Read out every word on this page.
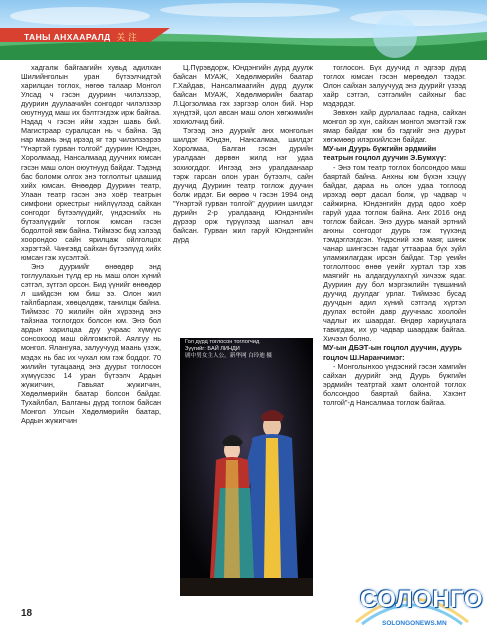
ТАНЫ АНХААРАЛД 关 注

хадгалж байгаагийн хувьд адилхан Шилийнголын уран бүтээлчидтэй харилцан тоглох, нөгөө талаар Монгол Улсад ч гэсэн дууриин чилэлзээр, дууриин дуулаачийн сонгодог чилэлзээр оюутнууд маш их бэлтгэгдэж ирж байгаа. Нэдад ч гэсэн ийм хэдэн шавь бий. Магистраар суралцсан нь ч байна. Эд нар маань энд ирээд яг тэр чилэлзээрээ "Үнэртэй гурван толгой" дууриин Юндэн, Хоролмаад, Нансалмаад дуучних юмсан гэсэн маш олон оюутнууд байдаг. Тэдэнд бас боломж олгох энэ тоглолтыг цаашид хийх юмсан. Өнөөдөр Дууриин театр, Улаан театр гэсэн энэ хоёр театрын симфони оркестрыг нийлүүлээд сайхан сонгодог бүтээлүүдийг, үндэснийх нь бүтээлүүдийг тоглож юмсан гэсэн бодолтой явж байна. Тиймээс бид хэлээд хоорондоо сайн ярилцаж ойлголцох хэрэгтэй. Чингэвд сайхан бүтээлүүд хийх юмсан гэж хүсэлтэй.

Энэ дууриийг өнөөдөр энд тоглуулахын түлд ер нь маш олон хүний сэтгэл, зүтгэл орсон. Бид үүнийг өнөөдөр л шийдсэн юм биш ээ. Олон жил тайлбарлаж, хөөцөлдөж, танилцж байна. Тиймээс 70 жилийн ойн хүрээнд энэ тайзнаа тоглогдох болсон юм. Энэ бол ардын харилцаа дуу учраас хүмүүс сонсохоод маш ойлгомжтой. Аялгуу нь монгол. Ялангуяа, залуучууд маань үзэж, мэдэх нь бас их чухал юм гэж боддог. 70 жилийн тугацаанд энэ дуурьт тоглосон хүмүүсээс 14 уран бүтээлч Ардын жүжигчин, Гавьяат жүжигчин, Хөдөлмөрийн баатар болсон байдаг. Тухайлбал, Балганы дүрд тоглож байсан Монгол Улсын Хөдөлмөрийн баатар, Ардын жүжигчин

Ц.Пүрэвдорж, Юндэнгийн дүрд дуулж байсан МУАЖ, Хөдөлмөрийн баатар Г.Хайдав, Нансалмаагийн дүрд дуулж байсан МУАЖ, Хөдөлмөрийн баатар Л.Цогзолмаа гэх зэргээр олон бий. Нэр хүндтэй, цол авсан маш олон хөгжимийн хохиолчид бий.

Тэгээд энэ дуурийг анх монголын шилдэг Юндэн, Нансалмаа, шилдэг Хоролмаа, Балган гэсэн дурийн уралдаан дөрвөн жилд нэг удаа зохиогддог. Ингээд энэ уралдаанаар тэрж гарсан олон уран бүтээлч, сайн дуучид Дууриин театр тоглож дуучин болж ирдэг. Би өөрөө ч гэсэн 1994 онд "Үнэртэй гурван толгой" дууриин шилдэг дурийн 2-р уралдаанд Юндэнгийн дүрээр орж түрүүлээд шагнал авч байсан. Гурван жил гаруй Юндэнгийн дүрд

Гол дүрд тоглосон тоглогчид
Зүүгийг: БАЙ ЛИНДИ
剧中男女主人公，新华网 白玲迪 摄

тоглосон. Бүх дуучид л эдгээр дүрд тоглох юмсан гэсэн мөрөөдөл тээдэг. Олон сайхан залуучууд энэ дуурийг үзээд хайр сэтгэл, сэтгэлийн сайхныг бас мэдэрдэг.

Зөвхөн хайр дурлалаас гадна, сайхан монгол эр хүн, сайхан монгол эмэгтэй гэж ямар байдаг юм бэ гэдгийг энэ дуурьт хөгжмөөр илэрхийлсэн байдаг.

МУ-ын Дуурь бүжгийн эрдмийн театрын гоцлол дуучин Э.Бумхүү:

- Энэ том театр тоглох болсондоо маш баяртай байна. Анхны юм бүхэн хэцүү байдаг, дараа нь олон удаа тоглоод ирэхэд өөрт дасал болж, үр чадвар ч сайжирна. Юндэнгийн дүрд одоо хоёр гаруй удаа тоглож байна. Анх 2016 онд тоглож байсан. Энэ дуурь манай эртний анхны сонгодог дуурь гэж түүхэнд тэмдэглэгдсэн. Үндэсний хэв маяг, шинж чанар шингэсэн гадаг уттаараа бүх зүйл уламжилагдаж ирсэн байдаг. Тэр үеийн тоглолтоос өнөө үеийг хуртал тэр хэв маягийг нь алдагдуулахгүй хичээж ядаг. Дууриин дуу бол мэргэжлийн түвшиний дуучид дуулдаг урлаг. Тиймээс бусад дуучдын адил хүний сэтгэлд хүртэл дуулах өстойн давр дуучнаас хоолойн чадлыг их шаардаг. Өндөр хариуцлага тавигдаж, их ур чадвар шаардаж байгаа. Хичээл болно.

МУ-ын ДБЭТ-ын гоцлол дуучин, дуурь гоцлоч Ш.Наранчимэг:

- Монголынхоо үндэсний гэсэн хамгийн сайхан дуурийг энд Дуурь бүжгийн эрдмийн театртай хамт олонтой тоглох болсондоо баяртай байна. Хэхэнт толгой"-д Нансалмаа тоглож байгаа.

18
СОЛОНГО
SOLONGONEWS.MN
